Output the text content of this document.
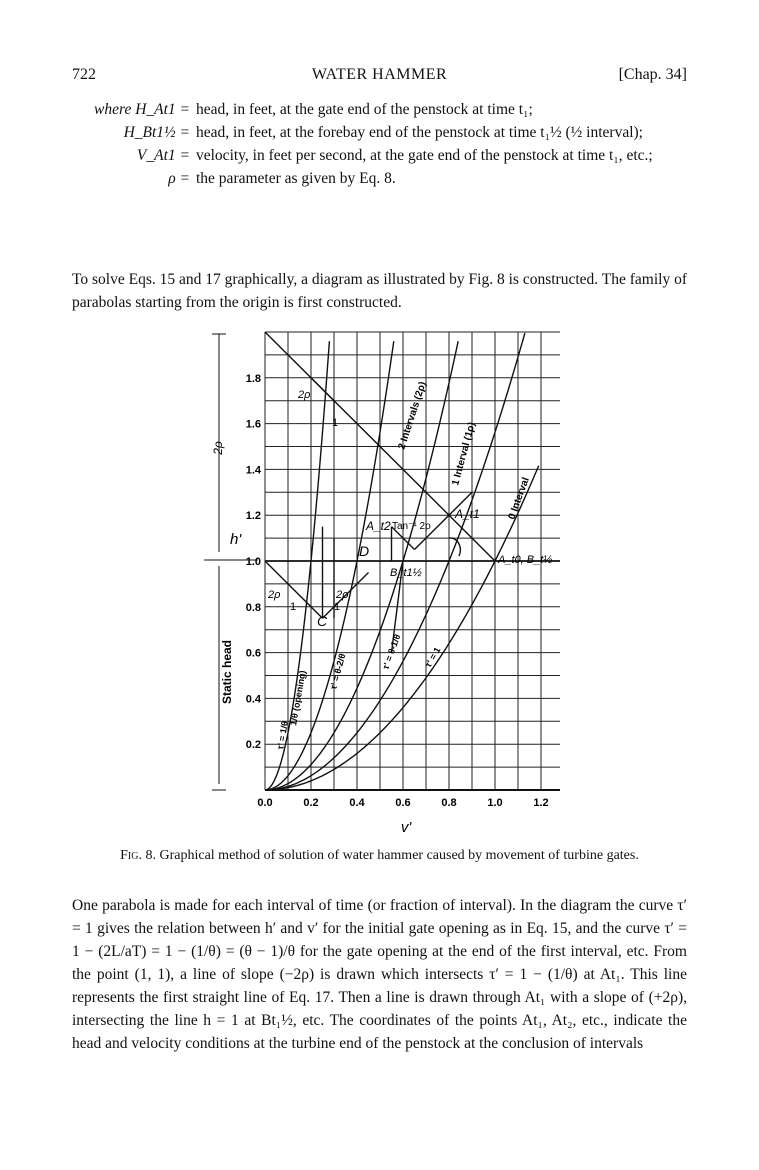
722	WATER HAMMER	[Chap. 34]
where H_At1 = head, in feet, at the gate end of the penstock at time t₁;
H_Bt1½ = head, in feet, at the forebay end of the penstock at time t₁½ (½ interval);
V_At1 = velocity, in feet per second, at the gate end of the penstock at time t₁, etc.;
ρ = the parameter as given by Eq. 8.
To solve Eqs. 15 and 17 graphically, a diagram as illustrated by Fig. 8 is constructed. The family of parabolas starting from the origin is first constructed.
1.8
1.6
1.4
1.2
1.0
0.8
0.6
0.4
0.2
0.0	0.2	0.4	0.6	0.8	1.0	1.2
2ρ
h'
Static head
v'
1 Interval (1ρ)
2 Intervals (2ρ)
0 Interval
τ' = θ-1/θ τ' = 1
τ' = θ-2/θ
1/θ (opening)
τ' = 1/θ
A_t1
A_t2
A_t0, B_t½
B_t1½
C
D
Tan⁻¹ 2ρ
2ρ
1
2ρ
1
2ρ
1
Fig. 8. Graphical method of solution of water hammer caused by movement of turbine gates.
One parabola is made for each interval of time (or fraction of interval). In the diagram the curve τ′ = 1 gives the relation between h′ and v′ for the initial gate opening as in Eq. 15, and the curve τ′ = 1 − (2L/aT) = 1 − (1/θ) = (θ − 1)/θ for the gate opening at the end of the first interval, etc. From the point (1, 1), a line of slope (−2ρ) is drawn which intersects τ′ = 1 − (1/θ) at At₁. This line represents the first straight line of Eq. 17. Then a line is drawn through At₁ with a slope of (+2ρ), intersecting the line h = 1 at Bt₁½, etc. The coordinates of the points At₁, At₂, etc., indicate the head and velocity conditions at the turbine end of the penstock at the conclusion of intervals
